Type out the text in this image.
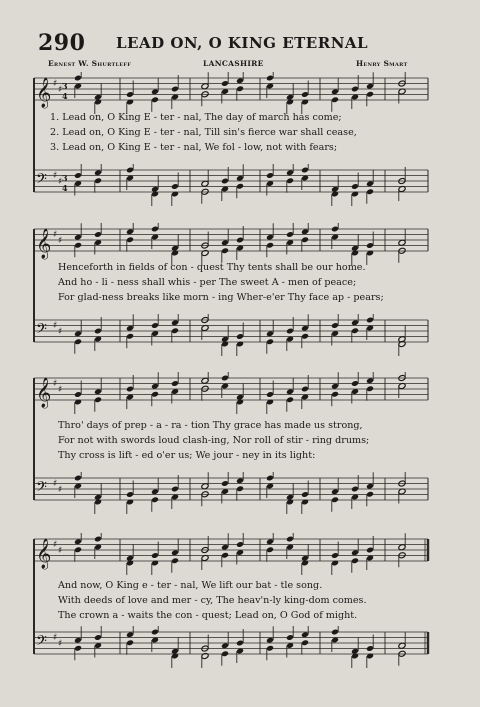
290 LEAD ON, O KING ETERNAL
Ernest W. Shurtleff	LANCASHIRE	Henry Smart
𝄞 ♯
♯ 3
4
𝄢 ♯
♯ 3
4
1. Lead on, O King E - ter - nal, The day of march has come;
2. Lead on, O King E - ter - nal, Till sin's fierce war shall cease,
3. Lead on, O King E - ter - nal, We fol - low, not with fears;
𝄞 ♯
♯
𝄢 ♯
♯
Henceforth in fields of con - quest Thy tents shall be our home.
And ho - li - ness shall whis - per The sweet A - men of peace;
For glad-ness breaks like morn - ing Wher-e'er Thy face ap - pears;
𝄞 ♯
♯
𝄢 ♯
♯
Thro' days of prep - a - ra - tion Thy grace has made us strong,
For not with swords loud clash-ing, Nor roll of stir - ring drums;
Thy cross is lift - ed o'er us; We jour - ney in its light:
𝄞 ♯
♯
𝄢 ♯
♯
And now, O King e - ter - nal, We lift our bat - tle song.
With deeds of love and mer - cy, The heav'n-ly king-dom comes.
The crown a - waits the con - quest; Lead on, O God of might.
